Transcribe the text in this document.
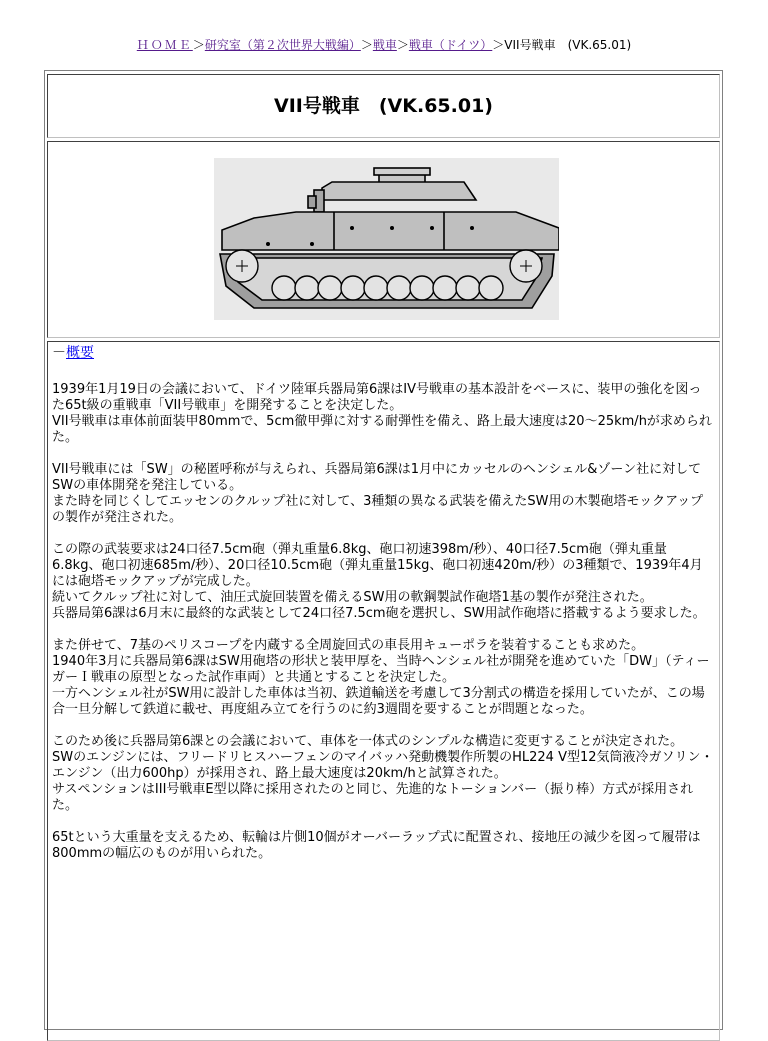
ＨＯＭＥ＞研究室（第２次世界大戦編）＞戦車＞戦車（ドイツ）＞VII号戦車　(VK.65.01)
VII号戦車　(VK.65.01)
－概要

1939年1月19日の会議において、ドイツ陸軍兵器局第6課はIV号戦車の基本設計をベースに、装甲の強化を図った65t級の重戦車「VII号戦車」を開発することを決定した。

VII号戦車は車体前面装甲80mmで、5cm徹甲弾に対する耐弾性を備え、路上最大速度は20～25km/hが求められた。

VII号戦車には「SW」の秘匿呼称が与えられ、兵器局第6課は1月中にカッセルのヘンシェル&ゾーン社に対してSWの車体開発を発注している。

また時を同じくしてエッセンのクルップ社に対して、3種類の異なる武装を備えたSW用の木製砲塔モックアップの製作が発注された。

この際の武装要求は24口径7.5cm砲（弾丸重量6.8kg、砲口初速398m/秒）、40口径7.5cm砲（弾丸重量6.8kg、砲口初速685m/秒）、20口径10.5cm砲（弾丸重量15kg、砲口初速420m/秒）の3種類で、1939年4月には砲塔モックアップが完成した。

続いてクルップ社に対して、油圧式旋回装置を備えるSW用の軟鋼製試作砲塔1基の製作が発注された。

兵器局第6課は6月末に最終的な武装として24口径7.5cm砲を選択し、SW用試作砲塔に搭載するよう要求した。

また併せて、7基のペリスコープを内蔵する全周旋回式の車長用キューポラを装着することも求めた。

1940年3月に兵器局第6課はSW用砲塔の形状と装甲厚を、当時ヘンシェル社が開発を進めていた「DW」（ティーガーＩ戦車の原型となった試作車両）と共通とすることを決定した。

一方ヘンシェル社がSW用に設計した車体は当初、鉄道輸送を考慮して3分割式の構造を採用していたが、この場合一旦分解して鉄道に載せ、再度組み立てを行うのに約3週間を要することが問題となった。

このため後に兵器局第6課との会議において、車体を一体式のシンプルな構造に変更することが決定された。

SWのエンジンには、フリードリヒスハーフェンのマイバッハ発動機製作所製のHL224 V型12気筒液冷ガソリン・エンジン（出力600hp）が採用され、路上最大速度は20km/hと試算された。

サスペンションはIII号戦車E型以降に採用されたのと同じ、先進的なトーションバー（振り棒）方式が採用された。

65tという大重量を支えるため、転輪は片側10個がオーバーラップ式に配置され、接地圧の減少を図って履帯は800mmの幅広のものが用いられた。
